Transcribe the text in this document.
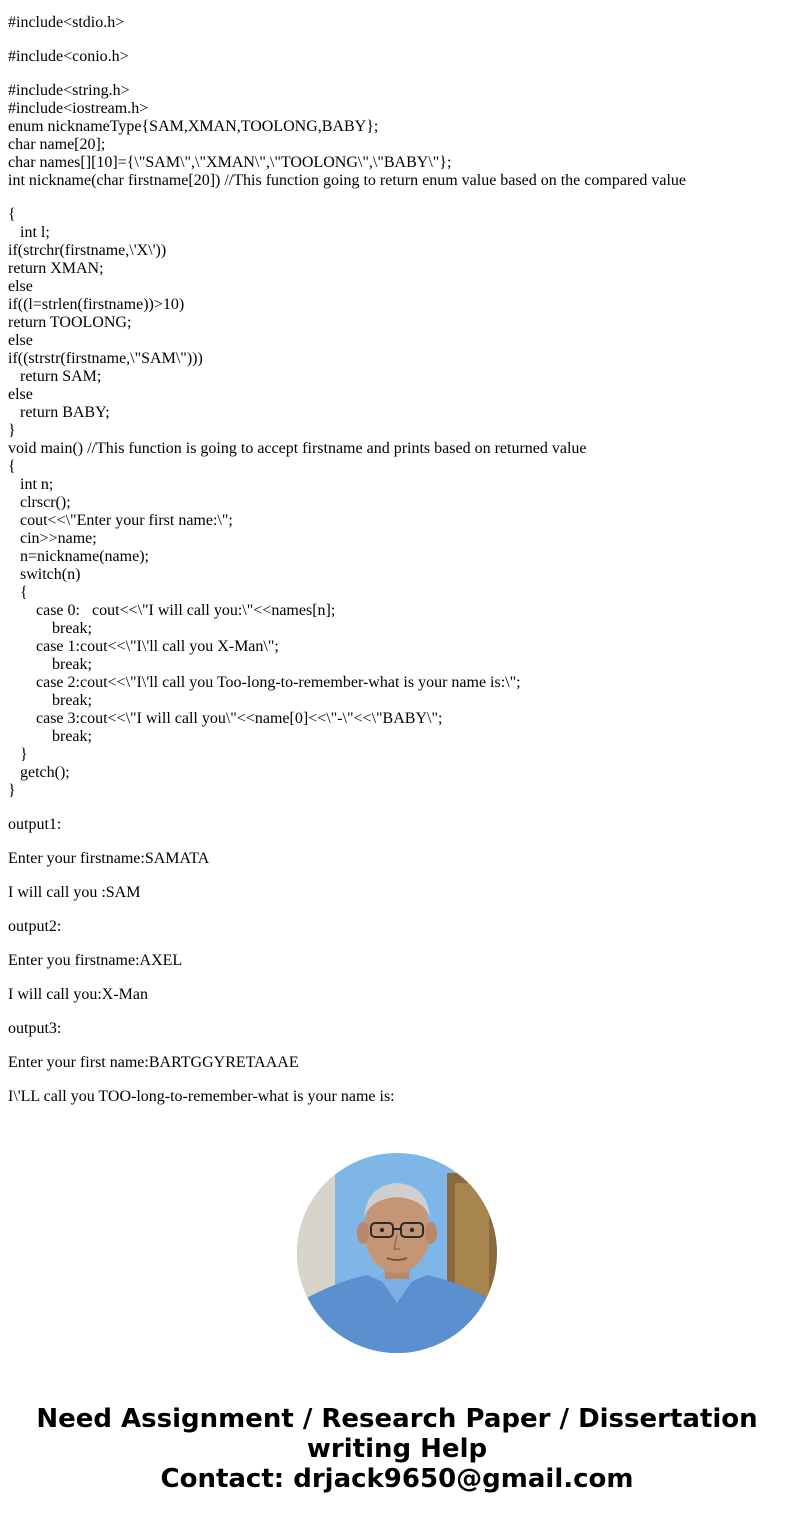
#include<stdio.h>
#include<conio.h>
#include<string.h>
#include<iostream.h>
enum nicknameType{SAM,XMAN,TOOLONG,BABY};
char name[20];
char names[][10]={\"SAM\",\"XMAN\",\"TOOLONG\",\"BABY\"};
int nickname(char firstname[20]) //This function going to return enum value based on the compared value
{
int l;
if(strchr(firstname,\'X\'))
return XMAN;
else
if((l=strlen(firstname))>10)
return TOOLONG;
else
if((strstr(firstname,\"SAM\")))
return SAM;
else
return BABY;
}
void main() //This function is going to accept firstname and prints based on returned value
{
int n;
clrscr();
cout<<\"Enter your first name:\";
cin>>name;
n=nickname(name);
switch(n)
{
case 0:   cout<<\"I will call you:\"<<names[n];
break;
case 1:cout<<\"I\'ll call you X-Man\";
break;
case 2:cout<<\"I\'ll call you Too-long-to-remember-what is your name is:\";
break;
case 3:cout<<\"I will call you\"<<name[0]<<\"-\"<<\"BABY\";
break;
}
getch();
}
output1:
Enter your firstname:SAMATA
I will call you :SAM
output2:
Enter you firstname:AXEL
I will call you:X-Man
output3:
Enter your first name:BARTGGYRETAAAE
I\'LL call you TOO-long-to-remember-what is your name is:
Need Assignment / Research Paper / Dissertation
writing Help
Contact: drjack9650@gmail.com
